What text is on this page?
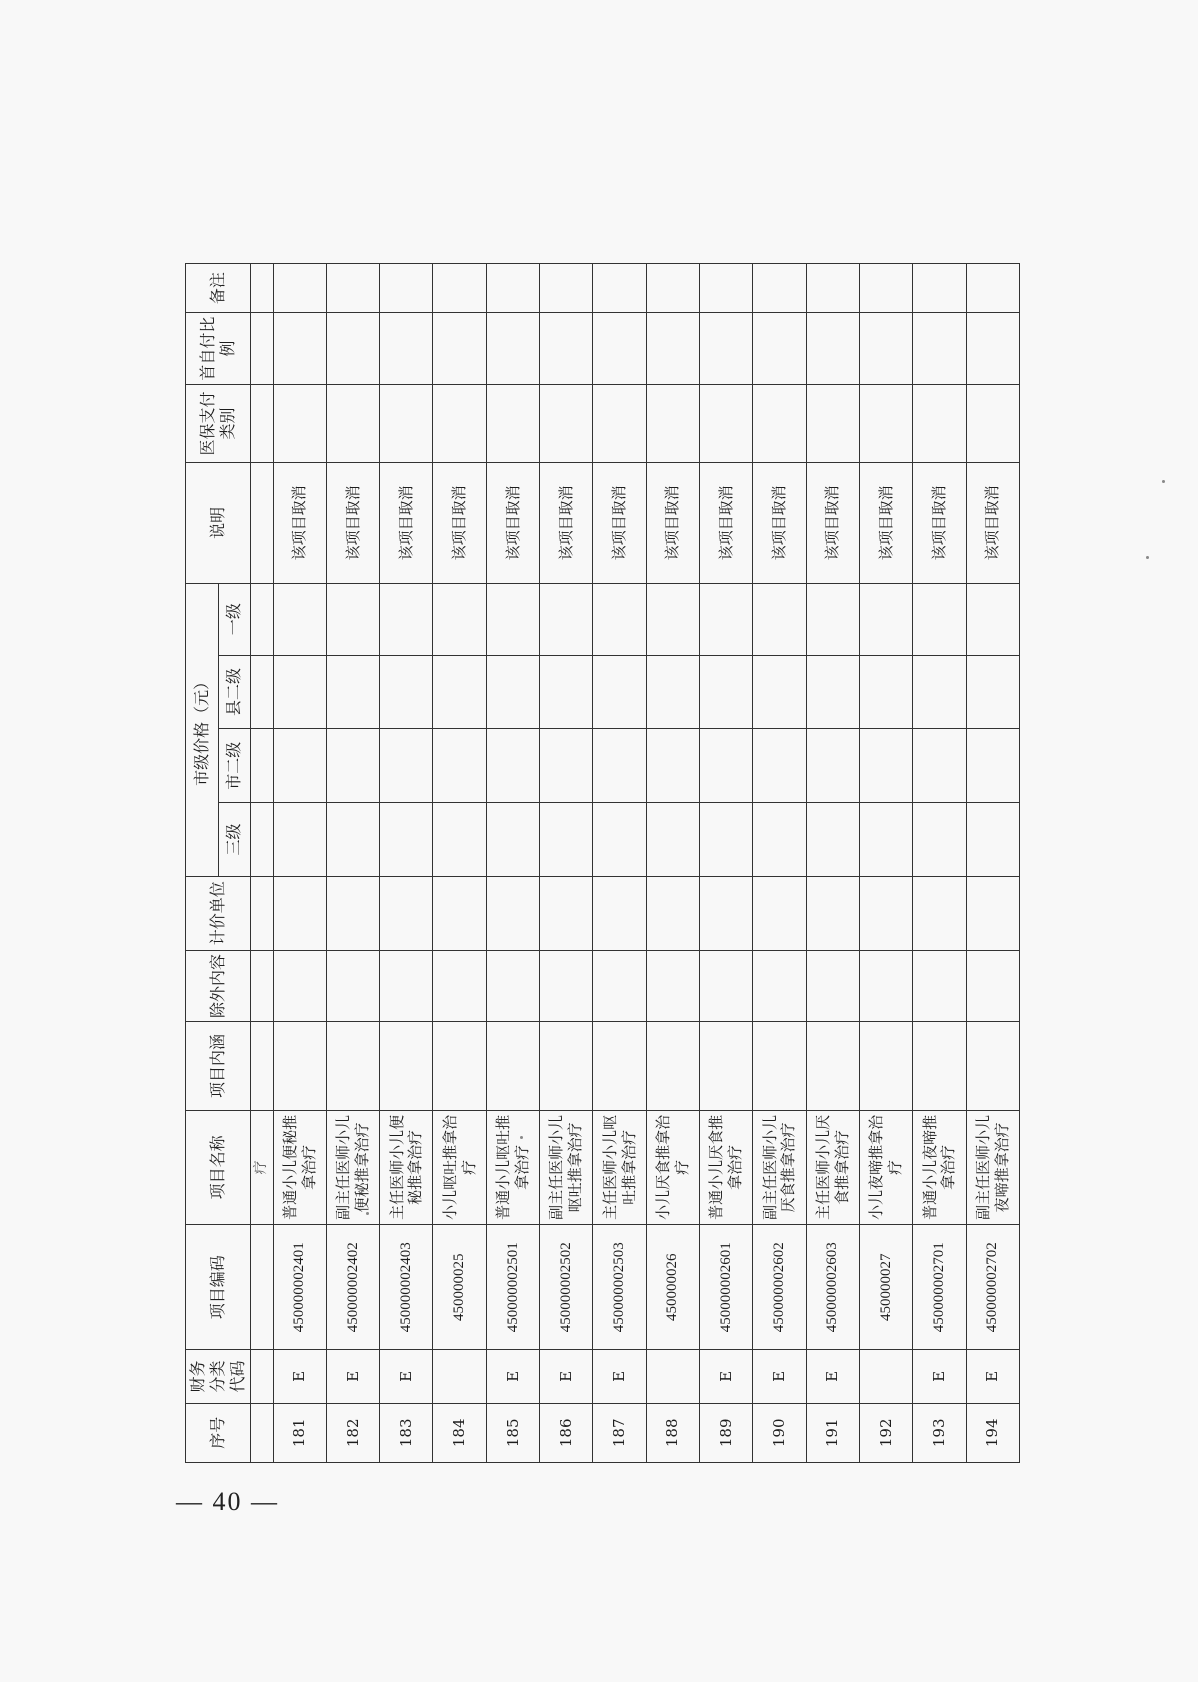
序号	财务分类代码	项目编码	项目名称	项目内涵	除外内容	计价单位	市级价格（元）				说明	医保支付类别	首自付比例	备注
							三级	市二级	县二级	一级				
			疗											
181	E	450000002401	普通小儿便秘推拿治疗								该项目取消			
182	E	450000002402	副主任医师小儿便秘推拿治疗								该项目取消			
183	E	450000002403	主任医师小儿便秘推拿治疗								该项目取消			
184		450000025	小儿呕吐推拿治疗								该项目取消			
185	E	450000002501	普通小儿呕吐推拿治疗								该项目取消			
186	E	450000002502	副主任医师小儿呕吐推拿治疗								该项目取消			
187	E	450000002503	主任医师小儿呕吐推拿治疗								该项目取消			
188		450000026	小儿厌食推拿治疗								该项目取消			
189	E	450000002601	普通小儿厌食推拿治疗								该项目取消			
190	E	450000002602	副主任医师小儿厌食推拿治疗								该项目取消			
191	E	450000002603	主任医师小儿厌食推拿治疗								该项目取消			
192		450000027	小儿夜啼推拿治疗								该项目取消			
193	E	450000002701	普通小儿夜啼推拿治疗								该项目取消			
194	E	450000002702	副主任医师小儿夜啼推拿治疗								该项目取消			
— 40 —
